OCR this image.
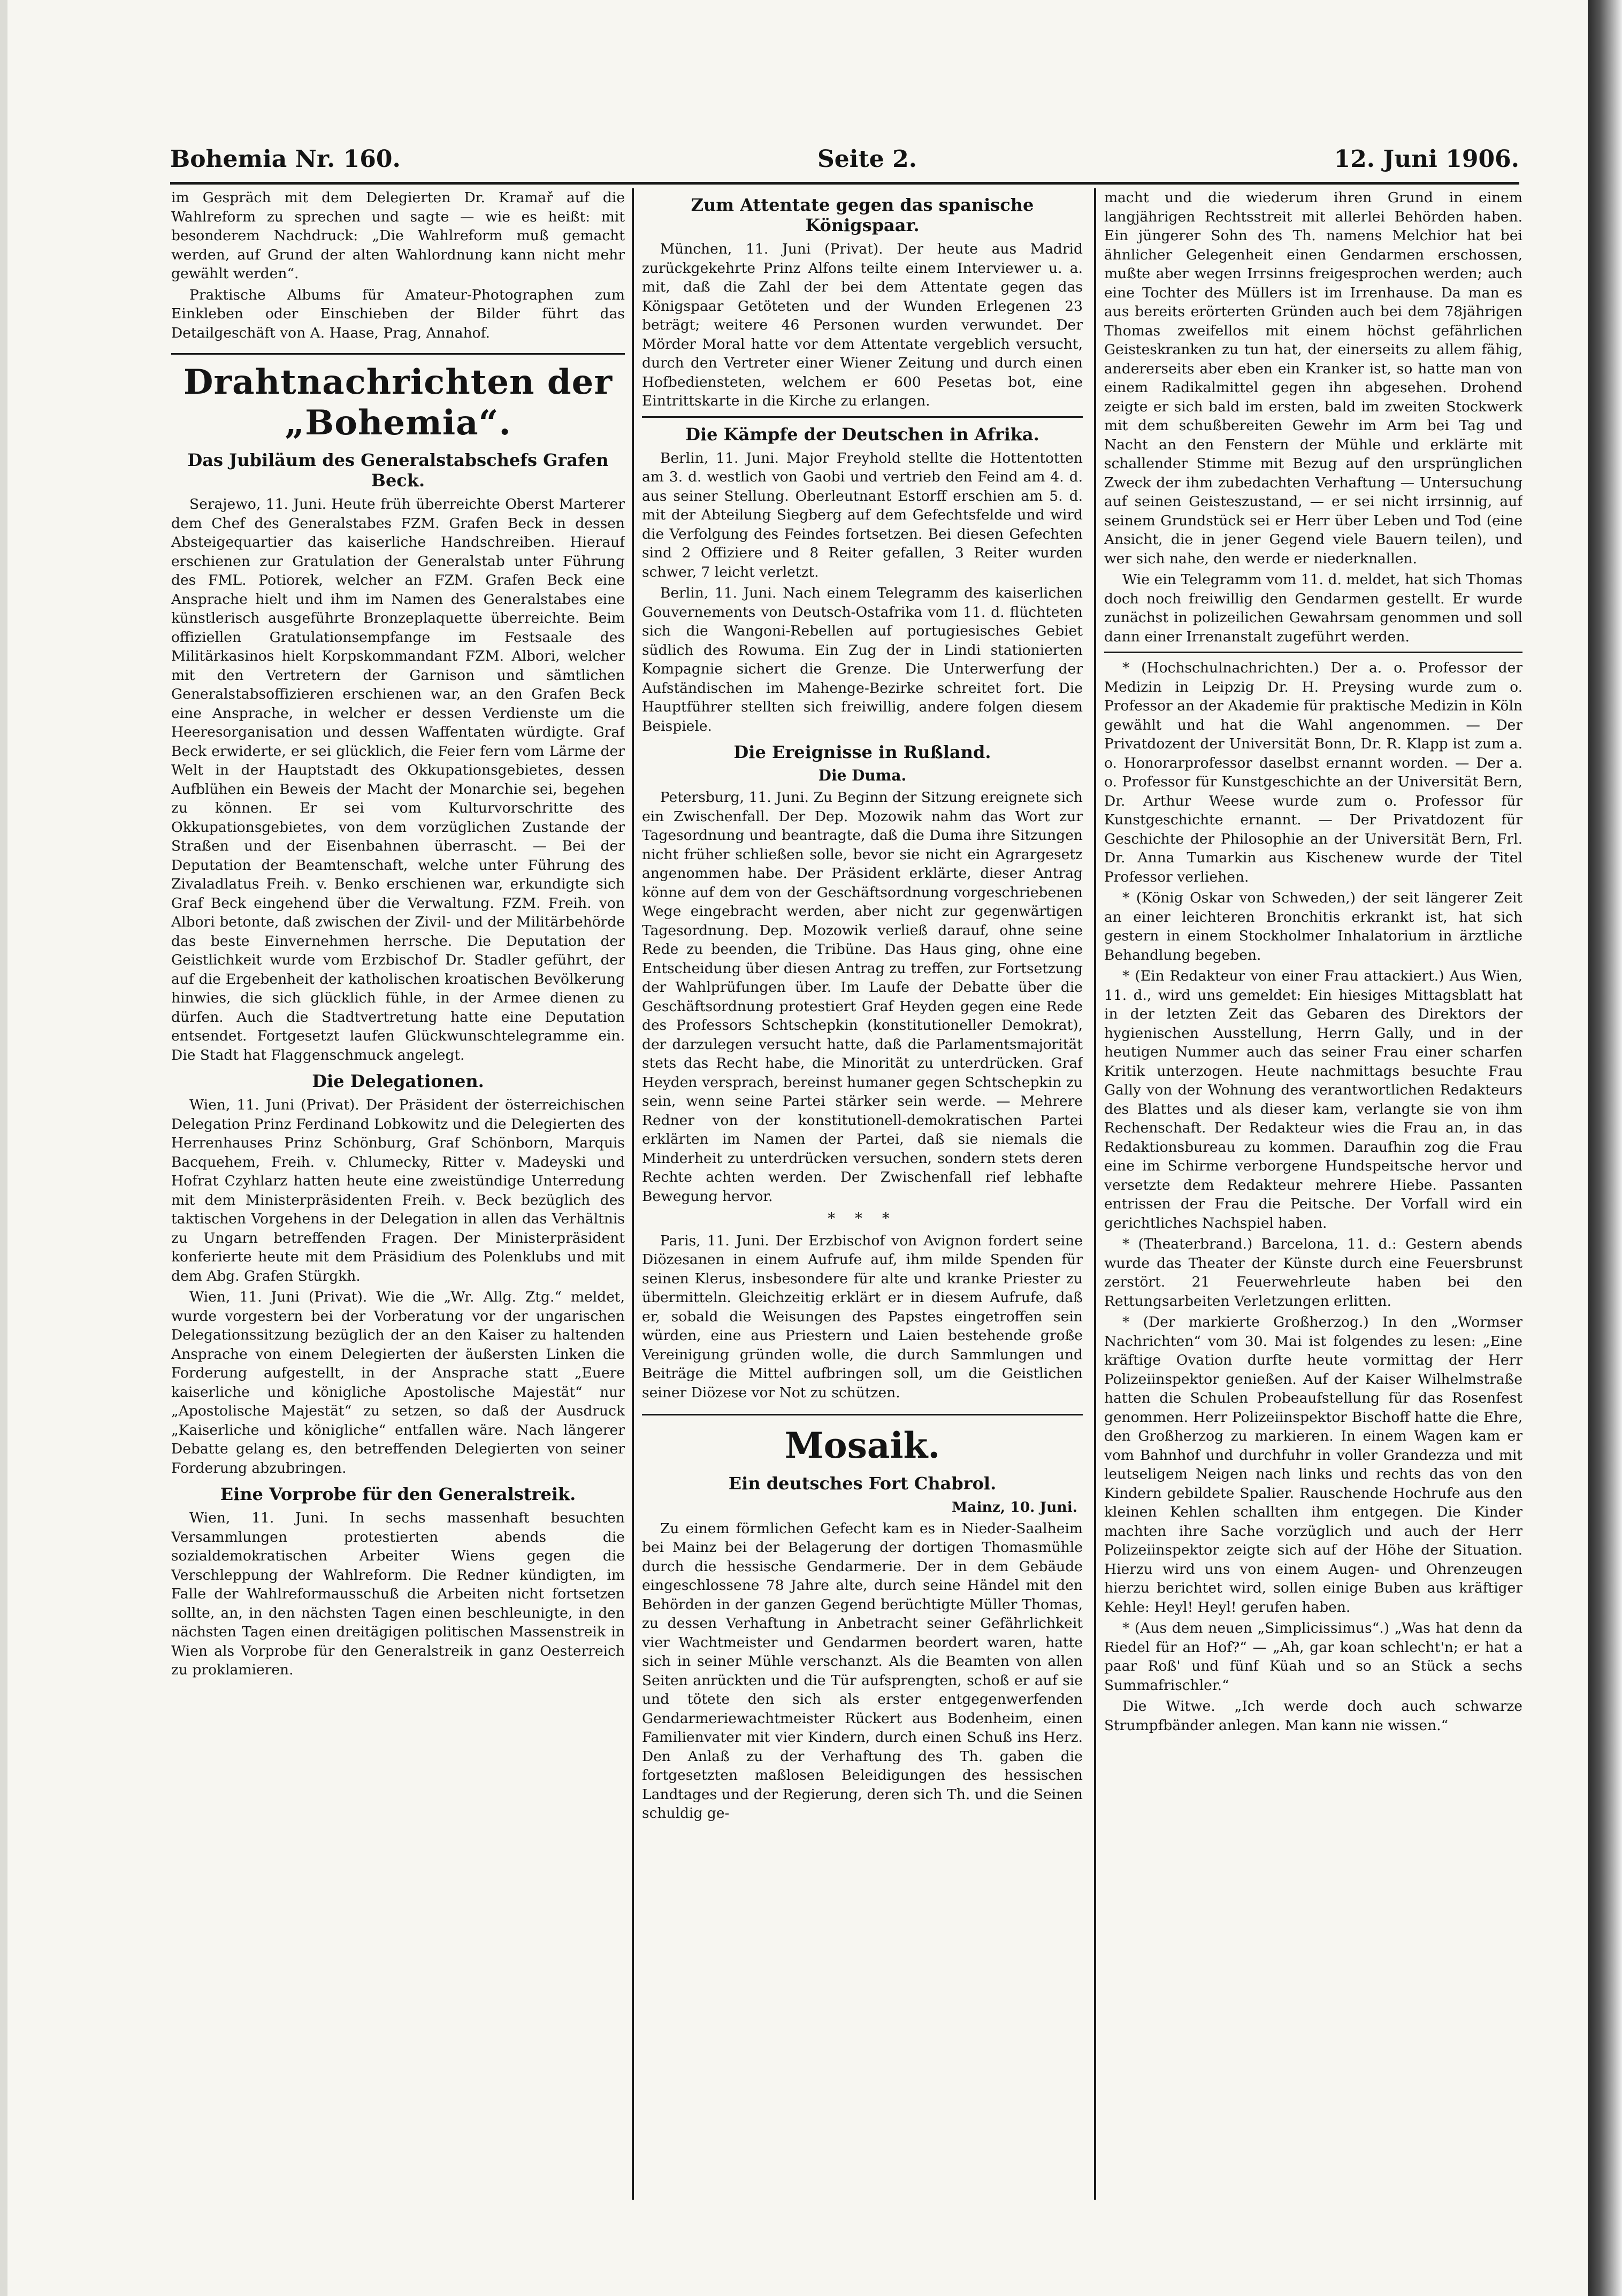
Bohemia Nr. 160.	Seite 2.	12. Juni 1906.

im Gespräch mit dem Delegierten Dr. Kramař auf die Wahlreform zu sprechen und sagte — wie es heißt: mit besonderem Nachdruck: „Die Wahlreform muß gemacht werden, auf Grund der alten Wahlordnung kann nicht mehr gewählt werden“.

Praktische Albums für Amateur-Photographen zum Einkleben oder Einschieben der Bilder führt das Detailgeschäft von A. Haase, Prag, Annahof.

Drahtnachrichten der „Bohemia“.
Das Jubiläum des Generalstabschefs Grafen Beck.

Serajewo, 11. Juni. Heute früh überreichte Oberst Marterer dem Chef des Generalstabes FZM. Grafen Beck in dessen Absteigequartier das kaiserliche Handschreiben. Hierauf erschienen zur Gratulation der Generalstab unter Führung des FML. Potiorek, welcher an FZM. Grafen Beck eine Ansprache hielt und ihm im Namen des Generalstabes eine künstlerisch ausgeführte Bronzeplaquette überreichte. Beim offiziellen Gratulationsempfange im Festsaale des Militärkasinos hielt Korpskommandant FZM. Albori, welcher mit den Vertretern der Garnison und sämtlichen Generalstabsoffizieren erschienen war, an den Grafen Beck eine Ansprache, in welcher er dessen Verdienste um die Heeresorganisation und dessen Waffentaten würdigte. Graf Beck erwiderte, er sei glücklich, die Feier fern vom Lärme der Welt in der Hauptstadt des Okkupationsgebietes, dessen Aufblühen ein Beweis der Macht der Monarchie sei, begehen zu können. Er sei vom Kulturvorschritte des Okkupationsgebietes, von dem vorzüglichen Zustande der Straßen und der Eisenbahnen überrascht. — Bei der Deputation der Beamtenschaft, welche unter Führung des Zivaladlatus Freih. v. Benko erschienen war, erkundigte sich Graf Beck eingehend über die Verwaltung. FZM. Freih. von Albori betonte, daß zwischen der Zivil- und der Militärbehörde das beste Einvernehmen herrsche. Die Deputation der Geistlichkeit wurde vom Erzbischof Dr. Stadler geführt, der auf die Ergebenheit der katholischen kroatischen Bevölkerung hinwies, die sich glücklich fühle, in der Armee dienen zu dürfen. Auch die Stadtvertretung hatte eine Deputation entsendet. Fortgesetzt laufen Glückwunschtelegramme ein. Die Stadt hat Flaggenschmuck angelegt.

Die Delegationen.

Wien, 11. Juni (Privat). Der Präsident der österreichischen Delegation Prinz Ferdinand Lobkowitz und die Delegierten des Herrenhauses Prinz Schönburg, Graf Schönborn, Marquis Bacquehem, Freih. v. Chlumecky, Ritter v. Madeyski und Hofrat Czyhlarz hatten heute eine zweistündige Unterredung mit dem Ministerpräsidenten Freih. v. Beck bezüglich des taktischen Vorgehens in der Delegation in allen das Verhältnis zu Ungarn betreffenden Fragen. Der Ministerpräsident konferierte heute mit dem Präsidium des Polenklubs und mit dem Abg. Grafen Stürgkh.

Wien, 11. Juni (Privat). Wie die „Wr. Allg. Ztg.“ meldet, wurde vorgestern bei der Vorberatung vor der ungarischen Delegationssitzung bezüglich der an den Kaiser zu haltenden Ansprache von einem Delegierten der äußersten Linken die Forderung aufgestellt, in der Ansprache statt „Euere kaiserliche und königliche Apostolische Majestät“ nur „Apostolische Majestät“ zu setzen, so daß der Ausdruck „Kaiserliche und königliche“ entfallen wäre. Nach längerer Debatte gelang es, den betreffenden Delegierten von seiner Forderung abzubringen.

Eine Vorprobe für den Generalstreik.

Wien, 11. Juni. In sechs massenhaft besuchten Versammlungen protestierten abends die sozialdemokratischen Arbeiter Wiens gegen die Verschleppung der Wahlreform. Die Redner kündigten, im Falle der Wahlreformausschuß die Arbeiten nicht fortsetzen sollte, an, in den nächsten Tagen einen beschleunigte, in den nächsten Tagen einen dreitägigen politischen Massenstreik in Wien als Vorprobe für den Generalstreik in ganz Oesterreich zu proklamieren.

Zum Attentate gegen das spanische Königspaar.

München, 11. Juni (Privat). Der heute aus Madrid zurückgekehrte Prinz Alfons teilte einem Interviewer u. a. mit, daß die Zahl der bei dem Attentate gegen das Königspaar Getöteten und der Wunden Erlegenen 23 beträgt; weitere 46 Personen wurden verwundet. Der Mörder Moral hatte vor dem Attentate vergeblich versucht, durch den Vertreter einer Wiener Zeitung und durch einen Hofbediensteten, welchem er 600 Pesetas bot, eine Eintrittskarte in die Kirche zu erlangen.

Die Kämpfe der Deutschen in Afrika.

Berlin, 11. Juni. Major Freyhold stellte die Hottentotten am 3. d. westlich von Gaobi und vertrieb den Feind am 4. d. aus seiner Stellung. Oberleutnant Estorff erschien am 5. d. mit der Abteilung Siegberg auf dem Gefechtsfelde und wird die Verfolgung des Feindes fortsetzen. Bei diesen Gefechten sind 2 Offiziere und 8 Reiter gefallen, 3 Reiter wurden schwer, 7 leicht verletzt.

Berlin, 11. Juni. Nach einem Telegramm des kaiserlichen Gouvernements von Deutsch-Ostafrika vom 11. d. flüchteten sich die Wangoni-Rebellen auf portugiesisches Gebiet südlich des Rowuma. Ein Zug der in Lindi stationierten Kompagnie sichert die Grenze. Die Unterwerfung der Aufständischen im Mahenge-Bezirke schreitet fort. Die Hauptführer stellten sich freiwillig, andere folgen diesem Beispiele.

Die Ereignisse in Rußland.
Die Duma.

Petersburg, 11. Juni. Zu Beginn der Sitzung ereignete sich ein Zwischenfall. Der Dep. Mozowik nahm das Wort zur Tagesordnung und beantragte, daß die Duma ihre Sitzungen nicht früher schließen solle, bevor sie nicht ein Agrargesetz angenommen habe. Der Präsident erklärte, dieser Antrag könne auf dem von der Geschäftsordnung vorgeschriebenen Wege eingebracht werden, aber nicht zur gegenwärtigen Tagesordnung. Dep. Mozowik verließ darauf, ohne seine Rede zu beenden, die Tribüne. Das Haus ging, ohne eine Entscheidung über diesen Antrag zu treffen, zur Fortsetzung der Wahlprüfungen über. Im Laufe der Debatte über die Geschäftsordnung protestiert Graf Heyden gegen eine Rede des Professors Schtschepkin (konstitutioneller Demokrat), der darzulegen versucht hatte, daß die Parlamentsmajorität stets das Recht habe, die Minorität zu unterdrücken. Graf Heyden versprach, bereinst humaner gegen Schtschepkin zu sein, wenn seine Partei stärker sein werde. — Mehrere Redner von der konstitutionell-demokratischen Partei erklärten im Namen der Partei, daß sie niemals die Minderheit zu unterdrücken versuchen, sondern stets deren Rechte achten werden. Der Zwischenfall rief lebhafte Bewegung hervor.

* * *

Paris, 11. Juni. Der Erzbischof von Avignon fordert seine Diözesanen in einem Aufrufe auf, ihm milde Spenden für seinen Klerus, insbesondere für alte und kranke Priester zu übermitteln. Gleichzeitig erklärt er in diesem Aufrufe, daß er, sobald die Weisungen des Papstes eingetroffen sein würden, eine aus Priestern und Laien bestehende große Vereinigung gründen wolle, die durch Sammlungen und Beiträge die Mittel aufbringen soll, um die Geistlichen seiner Diözese vor Not zu schützen.

Mosaik.
Ein deutsches Fort Chabrol.
Mainz, 10. Juni.

Zu einem förmlichen Gefecht kam es in Nieder-Saalheim bei Mainz bei der Belagerung der dortigen Thomasmühle durch die hessische Gendarmerie. Der in dem Gebäude eingeschlossene 78 Jahre alte, durch seine Händel mit den Behörden in der ganzen Gegend berüchtigte Müller Thomas, zu dessen Verhaftung in Anbetracht seiner Gefährlichkeit vier Wachtmeister und Gendarmen beordert waren, hatte sich in seiner Mühle verschanzt. Als die Beamten von allen Seiten anrückten und die Tür aufsprengten, schoß er auf sie und tötete den sich als erster entgegenwerfenden Gendarmeriewachtmeister Rückert aus Bodenheim, einen Familienvater mit vier Kindern, durch einen Schuß ins Herz. Den Anlaß zu der Verhaftung des Th. gaben die fortgesetzten maßlosen Beleidigungen des hessischen Landtages und der Regierung, deren sich Th. und die Seinen schuldig ge-

macht und die wiederum ihren Grund in einem langjährigen Rechtsstreit mit allerlei Behörden haben. Ein jüngerer Sohn des Th. namens Melchior hat bei ähnlicher Gelegenheit einen Gendarmen erschossen, mußte aber wegen Irrsinns freigesprochen werden; auch eine Tochter des Müllers ist im Irrenhause. Da man es aus bereits erörterten Gründen auch bei dem 78jährigen Thomas zweifellos mit einem höchst gefährlichen Geisteskranken zu tun hat, der einerseits zu allem fähig, andererseits aber eben ein Kranker ist, so hatte man von einem Radikalmittel gegen ihn abgesehen. Drohend zeigte er sich bald im ersten, bald im zweiten Stockwerk mit dem schußbereiten Gewehr im Arm bei Tag und Nacht an den Fenstern der Mühle und erklärte mit schallender Stimme mit Bezug auf den ursprünglichen Zweck der ihm zubedachten Verhaftung — Untersuchung auf seinen Geisteszustand, — er sei nicht irrsinnig, auf seinem Grundstück sei er Herr über Leben und Tod (eine Ansicht, die in jener Gegend viele Bauern teilen), und wer sich nahe, den werde er niederknallen.

Wie ein Telegramm vom 11. d. meldet, hat sich Thomas doch noch freiwillig den Gendarmen gestellt. Er wurde zunächst in polizeilichen Gewahrsam genommen und soll dann einer Irrenanstalt zugeführt werden.

* (Hochschulnachrichten.) Der a. o. Professor der Medizin in Leipzig Dr. H. Preysing wurde zum o. Professor an der Akademie für praktische Medizin in Köln gewählt und hat die Wahl angenommen. — Der Privatdozent der Universität Bonn, Dr. R. Klapp ist zum a. o. Honorarprofessor daselbst ernannt worden. — Der a. o. Professor für Kunstgeschichte an der Universität Bern, Dr. Arthur Weese wurde zum o. Professor für Kunstgeschichte ernannt. — Der Privatdozent für Geschichte der Philosophie an der Universität Bern, Frl. Dr. Anna Tumarkin aus Kischenew wurde der Titel Professor verliehen.

* (König Oskar von Schweden,) der seit längerer Zeit an einer leichteren Bronchitis erkrankt ist, hat sich gestern in einem Stockholmer Inhalatorium in ärztliche Behandlung begeben.

* (Ein Redakteur von einer Frau attackiert.) Aus Wien, 11. d., wird uns gemeldet: Ein hiesiges Mittagsblatt hat in der letzten Zeit das Gebaren des Direktors der hygienischen Ausstellung, Herrn Gally, und in der heutigen Nummer auch das seiner Frau einer scharfen Kritik unterzogen. Heute nachmittags besuchte Frau Gally von der Wohnung des verantwortlichen Redakteurs des Blattes und als dieser kam, verlangte sie von ihm Rechenschaft. Der Redakteur wies die Frau an, in das Redaktionsbureau zu kommen. Daraufhin zog die Frau eine im Schirme verborgene Hundspeitsche hervor und versetzte dem Redakteur mehrere Hiebe. Passanten entrissen der Frau die Peitsche. Der Vorfall wird ein gerichtliches Nachspiel haben.

* (Theaterbrand.) Barcelona, 11. d.: Gestern abends wurde das Theater der Künste durch eine Feuersbrunst zerstört. 21 Feuerwehrleute haben bei den Rettungsarbeiten Verletzungen erlitten.

* (Der markierte Großherzog.) In den „Wormser Nachrichten“ vom 30. Mai ist folgendes zu lesen: „Eine kräftige Ovation durfte heute vormittag der Herr Polizeiinspektor genießen. Auf der Kaiser Wilhelmstraße hatten die Schulen Probeaufstellung für das Rosenfest genommen. Herr Polizeiinspektor Bischoff hatte die Ehre, den Großherzog zu markieren. In einem Wagen kam er vom Bahnhof und durchfuhr in voller Grandezza und mit leutseligem Neigen nach links und rechts das von den Kindern gebildete Spalier. Rauschende Hochrufe aus den kleinen Kehlen schallten ihm entgegen. Die Kinder machten ihre Sache vorzüglich und auch der Herr Polizeiinspektor zeigte sich auf der Höhe der Situation. Hierzu wird uns von einem Augen- und Ohrenzeugen hierzu berichtet wird, sollen einige Buben aus kräftiger Kehle: Heyl! Heyl! gerufen haben.

* (Aus dem neuen „Simplicissimus“.) „Was hat denn da Riedel für an Hof?“ — „Ah, gar koan schlecht'n; er hat a paar Roß' und fünf Küah und so an Stück a sechs Summafrischler.“

Die Witwe. „Ich werde doch auch schwarze Strumpfbänder anlegen. Man kann nie wissen.“
